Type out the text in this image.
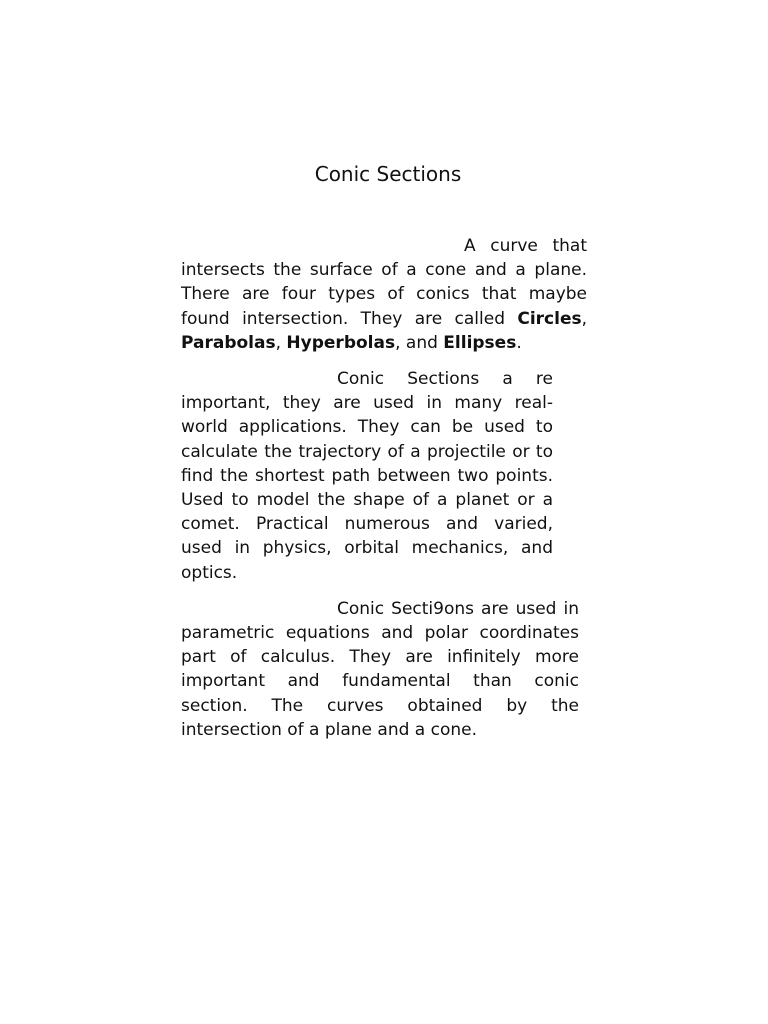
Conic Sections

A curve that intersects the surface of a cone and a plane. There are four types of conics that maybe found intersection. They are called Circles, Parabolas, Hyperbolas, and Ellipses.

Conic Sections a re important, they are used in many real-world applications. They can be used to calculate the trajectory of a projectile or to find the shortest path between two points. Used to model the shape of a planet or a comet. Practical numerous and varied, used in physics, orbital mechanics, and optics.

Conic Secti9ons are used in parametric equations and polar coordinates part of calculus. They are infinitely more important and fundamental than conic section. The curves obtained by the intersection of a plane and a cone.
